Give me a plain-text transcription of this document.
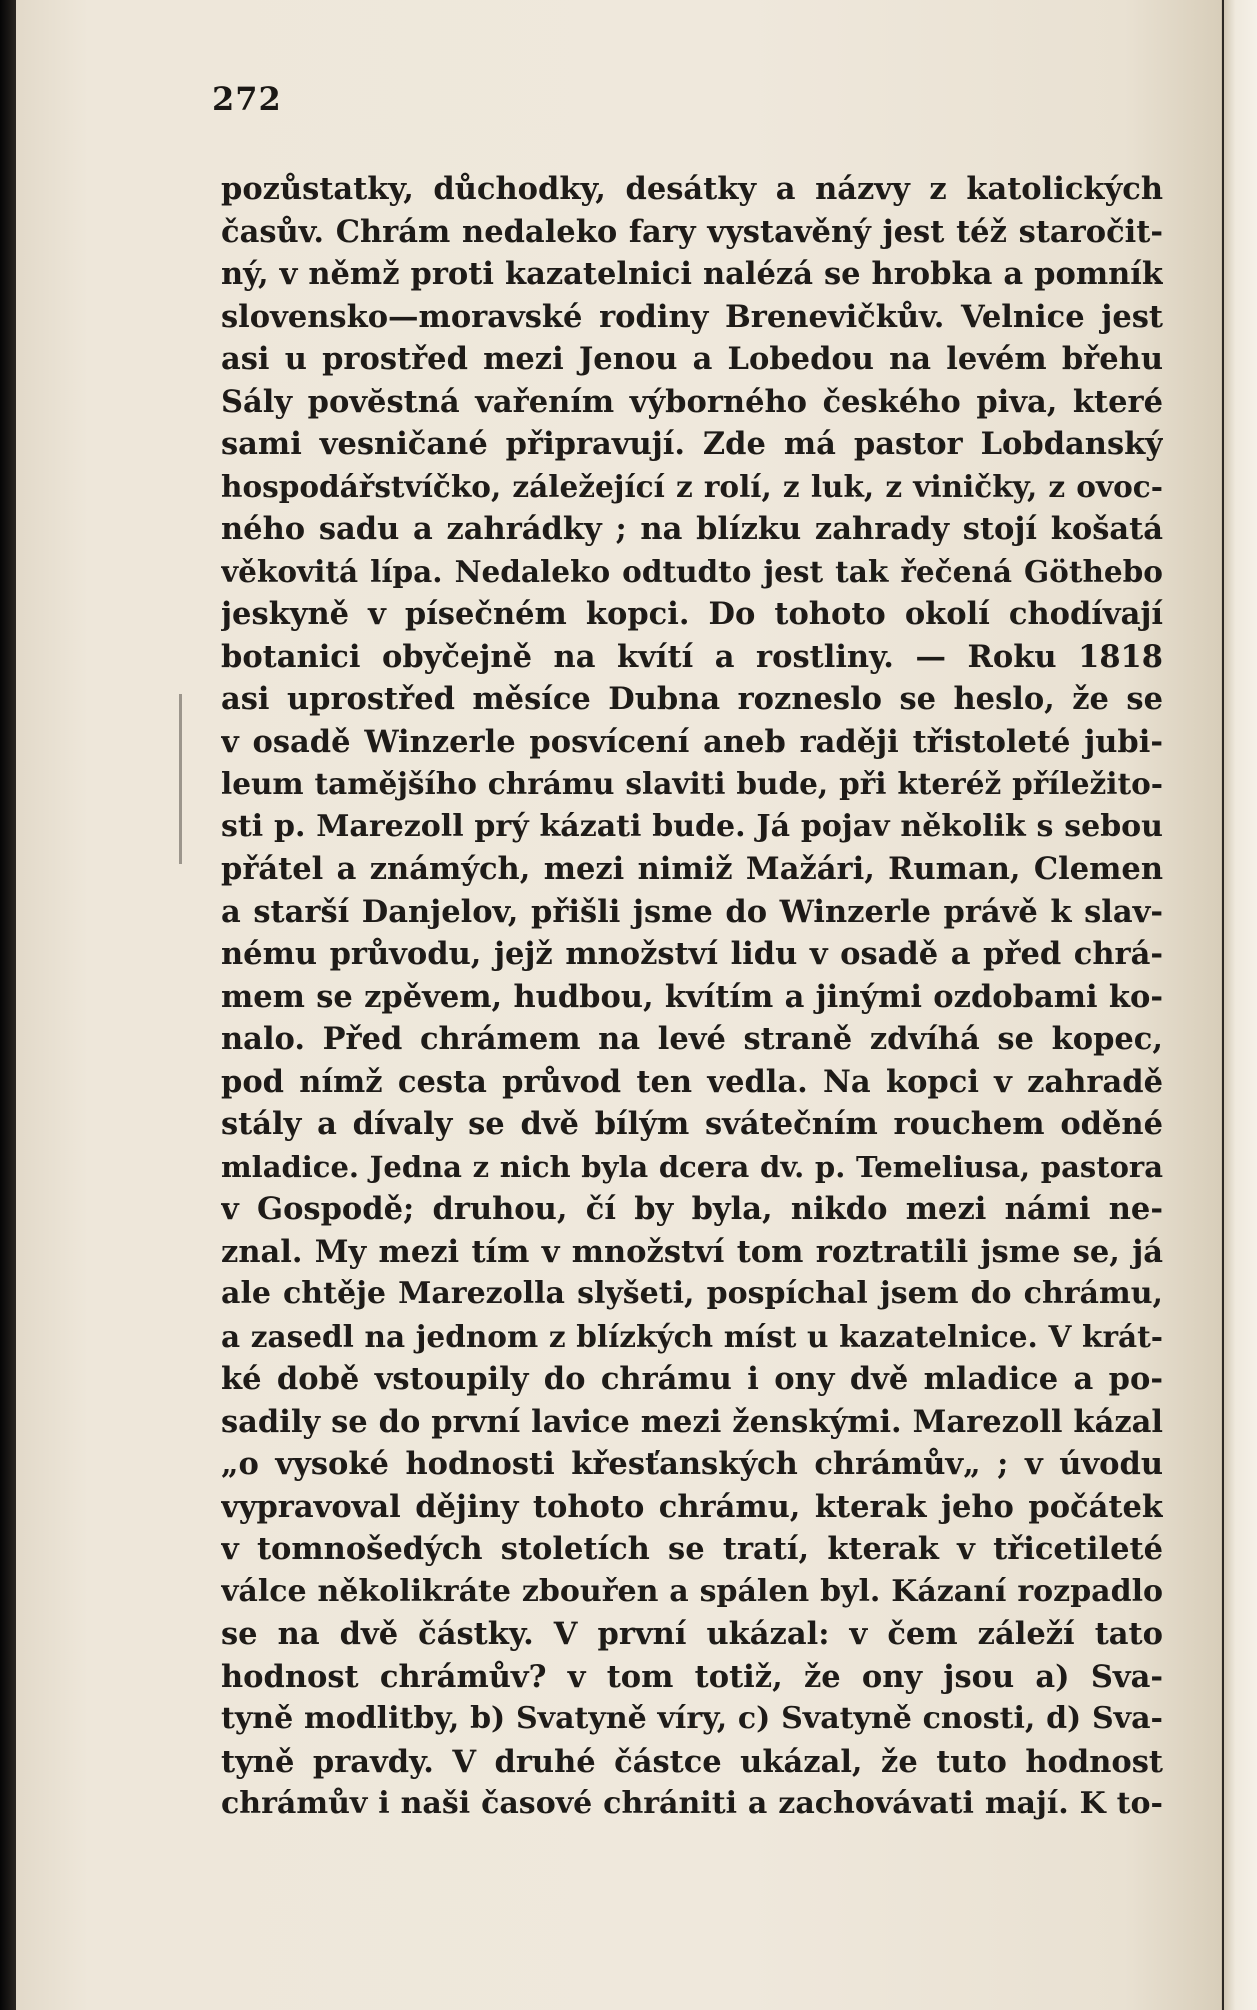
272
pozůstatky, důchodky, desátky a názvy z katolických
časův. Chrám nedaleko fary vystavěný jest též staročit-
ný, v němž proti kazatelnici nalézá se hrobka a pomník
slovensko—moravské rodiny Brenevičkův. Velnice jest
asi u prostřed mezi Jenou a Lobedou na levém břehu
Sály povĕstná vařením výborného českého piva, které
sami vesničané připravují. Zde má pastor Lobdanský
hospodářstvíčko, záležející z rolí, z luk, z viničky, z ovoc-
ného sadu a zahrádky ; na blízku zahrady stojí košatá
věkovitá lípa. Nedaleko odtudto jest tak řečená Göthebo
jeskyně v písečném kopci. Do tohoto okolí chodívají
botanici obyčejně na kvítí a rostliny. — Roku 1818
asi uprostřed měsíce Dubna rozneslo se heslo, že se
v osadě Winzerle posvícení aneb raději třistoleté jubi-
leum tamějšího chrámu slaviti bude, při kteréž příležito-
sti p. Marezoll prý kázati bude. Já pojav několik s sebou
přátel a známých, mezi nimiž Mažári, Ruman, Clemen
a starší Danjelov, přišli jsme do Winzerle právě k slav-
nému průvodu, jejž množství lidu v osadě a před chrá-
mem se zpěvem, hudbou, kvítím a jinými ozdobami ko-
nalo. Před chrámem na levé straně zdvíhá se kopec,
pod nímž cesta průvod ten vedla. Na kopci v zahradě
stály a dívaly se dvě bílým svátečním rouchem oděné
mladice. Jedna z nich byla dcera dv. p. Temeliusa, pastora
v Gospodě; druhou, čí by byla, nikdo mezi námi ne-
znal. My mezi tím v množství tom roztratili jsme se, já
ale chtěje Marezolla slyšeti, pospíchal jsem do chrámu,
a zasedl na jednom z blízkých míst u kazatelnice. V krát-
ké době vstoupily do chrámu i ony dvě mladice a po-
sadily se do první lavice mezi ženskými. Marezoll kázal
„o vysoké hodnosti křesťanských chrámův„ ; v úvodu
vypravoval dějiny tohoto chrámu, kterak jeho počátek
v tomnošedých stoletích se tratí, kterak v třicetileté
válce několikráte zbouřen a spálen byl. Kázaní rozpadlo
se na dvě částky. V první ukázal: v čem záleží tato
hodnost chrámův? v tom totiž, že ony jsou a) Sva-
tyně modlitby, b) Svatyně víry, c) Svatyně cnosti, d) Sva-
tyně pravdy. V druhé částce ukázal, že tuto hodnost
chrámův i naši časové chrániti a zachovávati mají. K to-
